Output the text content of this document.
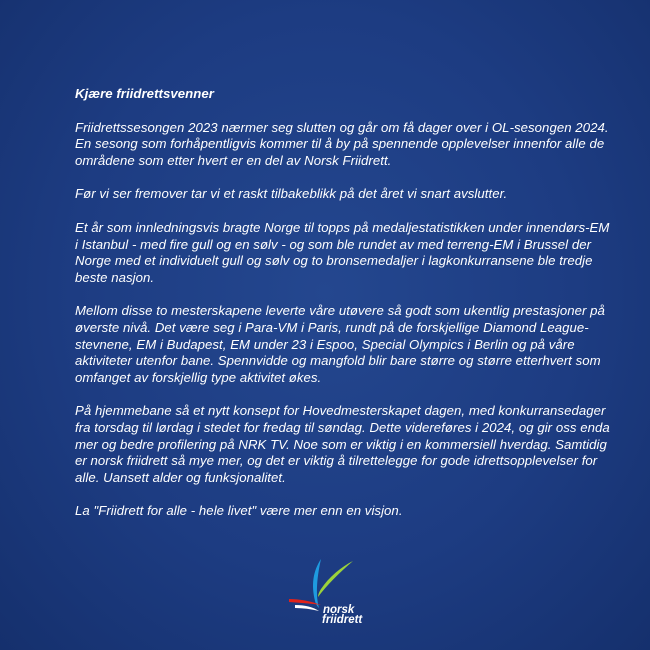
Kjære friidrettsvenner

Friidrettssesongen 2023 nærmer seg slutten og går om få dager over i OL-sesongen 2024. En sesong som forhåpentligvis kommer til å by på spennende opplevelser innenfor alle de områdene som etter hvert er en del av Norsk Friidrett.

Før vi ser fremover tar vi et raskt tilbakeblikk på det året vi snart avslutter.

Et år som innledningsvis bragte Norge til topps på medaljestatistikken under innendørs-EM i Istanbul - med fire gull og en sølv - og som ble rundet av med terreng-EM i Brussel der Norge med et individuelt gull og sølv og to bronsemedaljer i lagkonkurransene ble tredje beste nasjon.

Mellom disse to mesterskapene leverte våre utøvere så godt som ukentlig prestasjoner på øverste nivå. Det være seg i Para-VM i Paris, rundt på de forskjellige Diamond League-stevnene, EM i Budapest, EM under 23 i Espoo, Special Olympics i Berlin og på våre aktiviteter utenfor bane. Spennvidde og mangfold blir bare større og større etterhvert som omfanget av forskjellig type aktivitet økes.

På hjemmebane så et nytt konsept for Hovedmesterskapet dagen, med konkurransedager fra torsdag til lørdag i stedet for fredag til søndag. Dette videreføres i 2024, og gir oss enda mer og bedre profilering på NRK TV. Noe som er viktig i en kommersiell hverdag. Samtidig er norsk friidrett så mye mer, og det er viktig å tilrettelegge for gode idrettsopplevelser for alle. Uansett alder og funksjonalitet.

La "Friidrett for alle - hele livet" være mer enn en visjon.

norsk
friidrett
